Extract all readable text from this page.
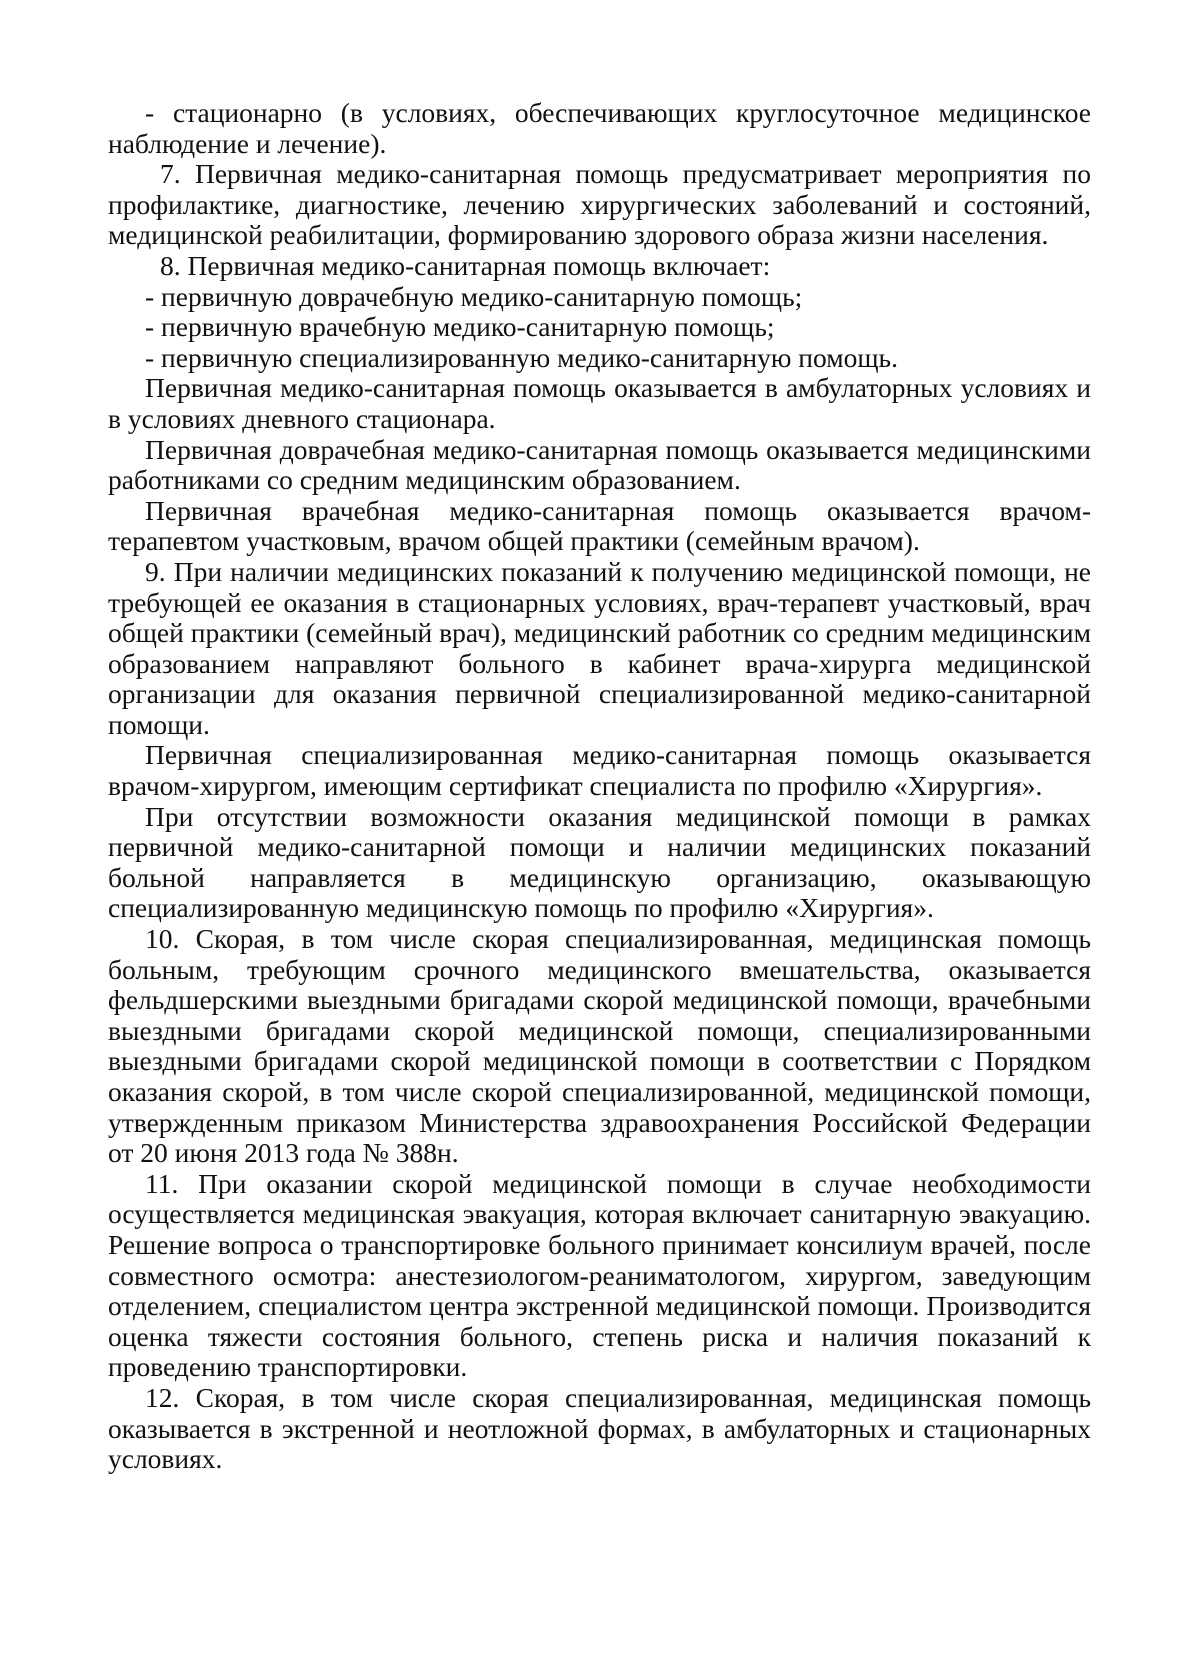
- стационарно (в условиях, обеспечивающих круглосуточное медицинское наблюдение и лечение).

7. Первичная медико-санитарная помощь предусматривает мероприятия по профилактике, диагностике, лечению хирургических заболеваний и состояний, медицинской реабилитации, формированию здорового образа жизни населения.

8. Первичная медико-санитарная помощь включает:

- первичную доврачебную медико-санитарную помощь;

- первичную врачебную медико-санитарную помощь;

- первичную специализированную медико-санитарную помощь.

Первичная медико-санитарная помощь оказывается в амбулаторных условиях и в условиях дневного стационара.

Первичная доврачебная медико-санитарная помощь оказывается медицинскими работниками со средним медицинским образованием.

Первичная врачебная медико-санитарная помощь оказывается врачом-терапевтом участковым, врачом общей практики (семейным врачом).

9. При наличии медицинских показаний к получению медицинской помощи, не требующей ее оказания в стационарных условиях, врач-терапевт участковый, врач общей практики (семейный врач), медицинский работник со средним медицинским образованием направляют больного в кабинет врача-хирурга медицинской организации для оказания первичной специализированной медико-санитарной помощи.

Первичная специализированная медико-санитарная помощь оказывается врачом-хирургом, имеющим сертификат специалиста по профилю «Хирургия».

При отсутствии возможности оказания медицинской помощи в рамках первичной медико-санитарной помощи и наличии медицинских показаний больной направляется в медицинскую организацию, оказывающую специализированную медицинскую помощь по профилю «Хирургия».

10. Скорая, в том числе скорая специализированная, медицинская помощь больным, требующим срочного медицинского вмешательства, оказывается фельдшерскими выездными бригадами скорой медицинской помощи, врачебными выездными бригадами скорой медицинской помощи, специализированными выездными бригадами скорой медицинской помощи в соответствии с Порядком оказания скорой, в том числе скорой специализированной, медицинской помощи, утвержденным приказом Министерства здравоохранения Российской Федерации от 20 июня 2013 года № 388н.

11. При оказании скорой медицинской помощи в случае необходимости осуществляется медицинская эвакуация, которая включает санитарную эвакуацию. Решение вопроса о транспортировке больного принимает консилиум врачей, после совместного осмотра: анестезиологом-реаниматологом, хирургом, заведующим отделением, специалистом центра экстренной медицинской помощи. Производится оценка тяжести состояния больного, степень риска и наличия показаний к проведению транспортировки.

12. Скорая, в том числе скорая специализированная, медицинская помощь оказывается в экстренной и неотложной формах, в амбулаторных и стационарных условиях.
